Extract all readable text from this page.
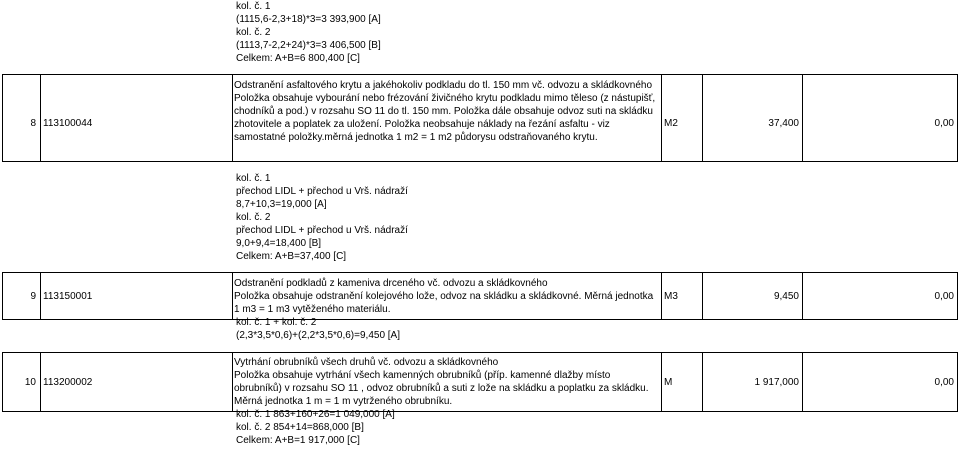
kol. č. 1
(1115,6-2,3+18)*3=3 393,900 [A]
kol. č. 2
(1113,7-2,2+24)*3=3 406,500 [B]
Celkem: A+B=6 800,400 [C]
8 113100044
Odstranění asfaltového krytu a jakéhokoliv podkladu do tl. 150 mm vč. odvozu a skládkovného
Položka obsahuje vybourání nebo frézování živičného krytu podkladu mimo těleso (z nástupišť,
chodníků a pod.) v rozsahu SO 11 do tl. 150 mm. Položka dále obsahuje odvoz suti na skládku
zhotovitele a poplatek za uložení. Položka neobsahuje náklady na řezání asfaltu - viz
samostatné položky.měrná jednotka 1 m2 = 1 m2 půdorysu odstraňovaného krytu.
M2	37,400	0,00
kol. č. 1
přechod LIDL + přechod u Vrš. nádraží
8,7+10,3=19,000 [A]
kol. č. 2
přechod LIDL + přechod u Vrš. nádraží
9,0+9,4=18,400 [B]
Celkem: A+B=37,400 [C]
9 113150001
Odstranění podkladů z kameniva drceného vč. odvozu a skládkovného
Položka obsahuje odstranění kolejového lože, odvoz na skládku a skládkovné. Měrná jednotka
1 m3 = 1 m3 vytěženého materiálu.
M3	9,450	0,00
kol. č. 1 + kol. č. 2
(2,3*3,5*0,6)+(2,2*3,5*0,6)=9,450 [A]
10 113200002
Vytrhání obrubníků všech druhů vč. odvozu a skládkovného
Položka obsahuje vytrhání všech kamenných obrubníků (příp. kamenné dlažby místo
obrubníků) v rozsahu SO 11 , odvoz obrubníků a suti z lože na skládku a poplatku za skládku.
Měrná jednotka 1 m = 1 m vytrženého obrubníku.
M	1 917,000	0,00
kol. č. 1 863+160+26=1 049,000 [A]
kol. č. 2 854+14=868,000 [B]
Celkem: A+B=1 917,000 [C]
